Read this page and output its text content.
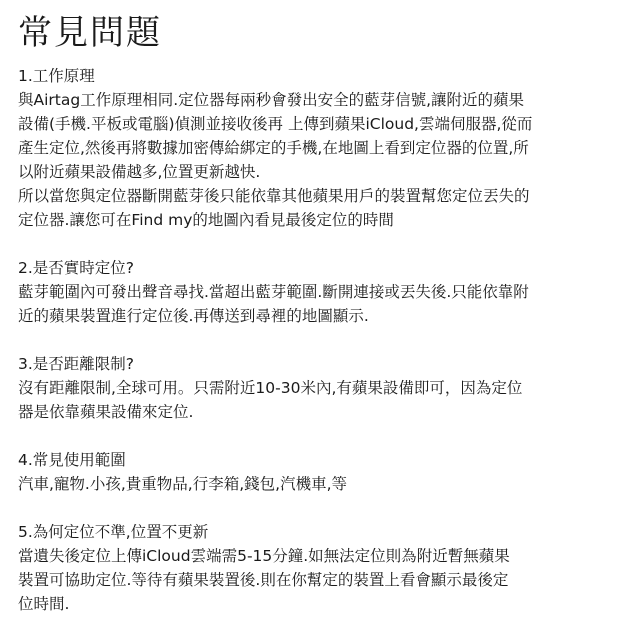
常見問題

1.工作原理

與Airtag工作原理相同.定位器每兩秒會發出安全的藍芽信號,讓附近的蘋果

設備(手機.平板或電腦)偵測並接收後再 上傳到蘋果iCloud,雲端伺服器,從而

產生定位,然後再將數據加密傳給綁定的手機,在地圖上看到定位器的位置,所

以附近蘋果設備越多,位置更新越快.

所以當您與定位器斷開藍芽後只能依靠其他蘋果用戶的裝置幫您定位丟失的

定位器.讓您可在Find my的地圖內看見最後定位的時間

2.是否實時定位?

藍芽範圍內可發出聲音尋找.當超出藍芽範圍.斷開連接或丟失後.只能依靠附

近的蘋果裝置進行定位後.再傳送到尋裡的地圖顯示.

3.是否距離限制?

沒有距離限制,全球可用。只需附近10-30米內,有蘋果設備即可，因為定位

器是依靠蘋果設備來定位.

4.常見使用範圍

汽車,寵物.小孩,貴重物品,行李箱,錢包,汽機車,等

5.為何定位不準,位置不更新

當遺失後定位上傳iCloud雲端需5-15分鐘.如無法定位則為附近暫無蘋果

裝置可協助定位.等待有蘋果裝置後.則在你幫定的裝置上看會顯示最後定

位時間.
